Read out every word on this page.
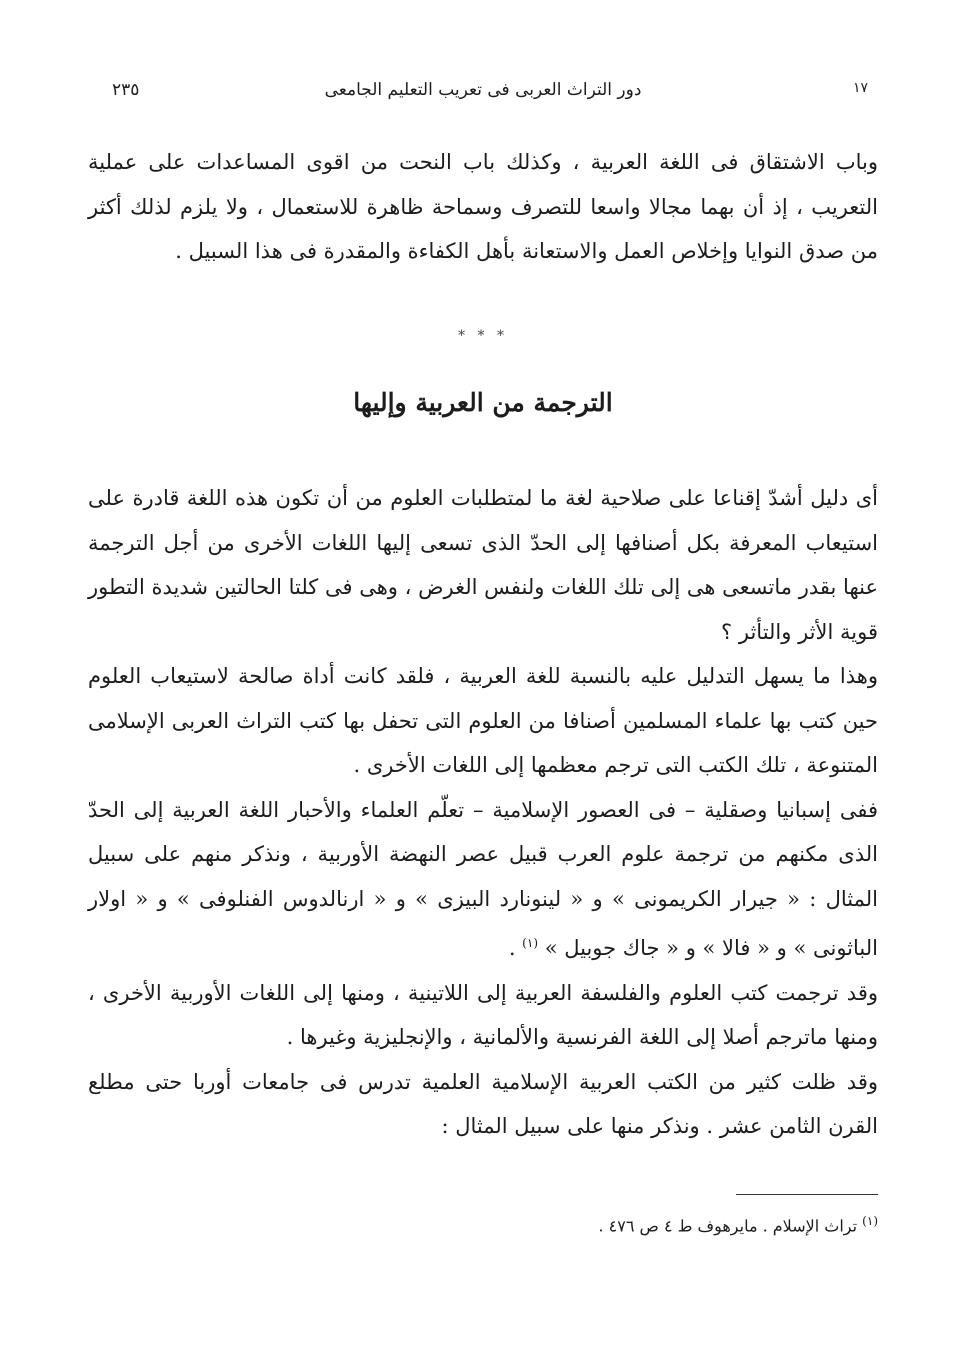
٢٣٥	دور التراث العربى فى تعريب التعليم الجامعى	١٧

وباب الاشتقاق فى اللغة العربية ، وكذلك باب النحت من اقوى المساعدات على عملية التعريب ، إذ أن بهما مجالا واسعا للتصرف وسماحة ظاهرة للاستعمال ، ولا يلزم لذلك أكثر من صدق النوايا وإخلاص العمل والاستعانة بأهل الكفاءة والمقدرة فى هذا السبيل .

* * *
الترجمة من العربية وإليها

أى دليل أشدّ إقناعا على صلاحية لغة ما لمتطلبات العلوم من أن تكون هذه اللغة قادرة على استيعاب المعرفة بكل أصنافها إلى الحدّ الذى تسعى إليها اللغات الأخرى من أجل الترجمة عنها بقدر ماتسعى هى إلى تلك اللغات ولنفس الغرض ، وهى فى كلتا الحالتين شديدة التطور قوية الأثر والتأثر ؟

وهذا ما يسهل التدليل عليه بالنسبة للغة العربية ، فلقد كانت أداة صالحة لاستيعاب العلوم حين كتب بها علماء المسلمين أصنافا من العلوم التى تحفل بها كتب التراث العربى الإسلامى المتنوعة ، تلك الكتب التى ترجم معظمها إلى اللغات الأخرى .

ففى إسبانيا وصقلية – فى العصور الإسلامية – تعلّم العلماء والأحبار اللغة العربية إلى الحدّ الذى مكنهم من ترجمة علوم العرب قبيل عصر النهضة الأوربية ، ونذكر منهم على سبيل المثال : « جيرار الكريمونى » و « لينونارد البيزى » و « ارنالدوس الفنلوفى » و « اولار الباثونى » و « فالا » و « جاك جوبيل » $^{(١)}$ .

وقد ترجمت كتب العلوم والفلسفة العربية إلى اللاتينية ، ومنها إلى اللغات الأوربية الأخرى ، ومنها ماترجم أصلا إلى اللغة الفرنسية والألمانية ، والإنجليزية وغيرها .

وقد ظلت كثير من الكتب العربية الإسلامية العلمية تدرس فى جامعات أوربا حتى مطلع القرن الثامن عشر . ونذكر منها على سبيل المثال :

$^{(١)}$ تراث الإسلام . مايرهوف ط ٤ ص ٤٧٦ .
